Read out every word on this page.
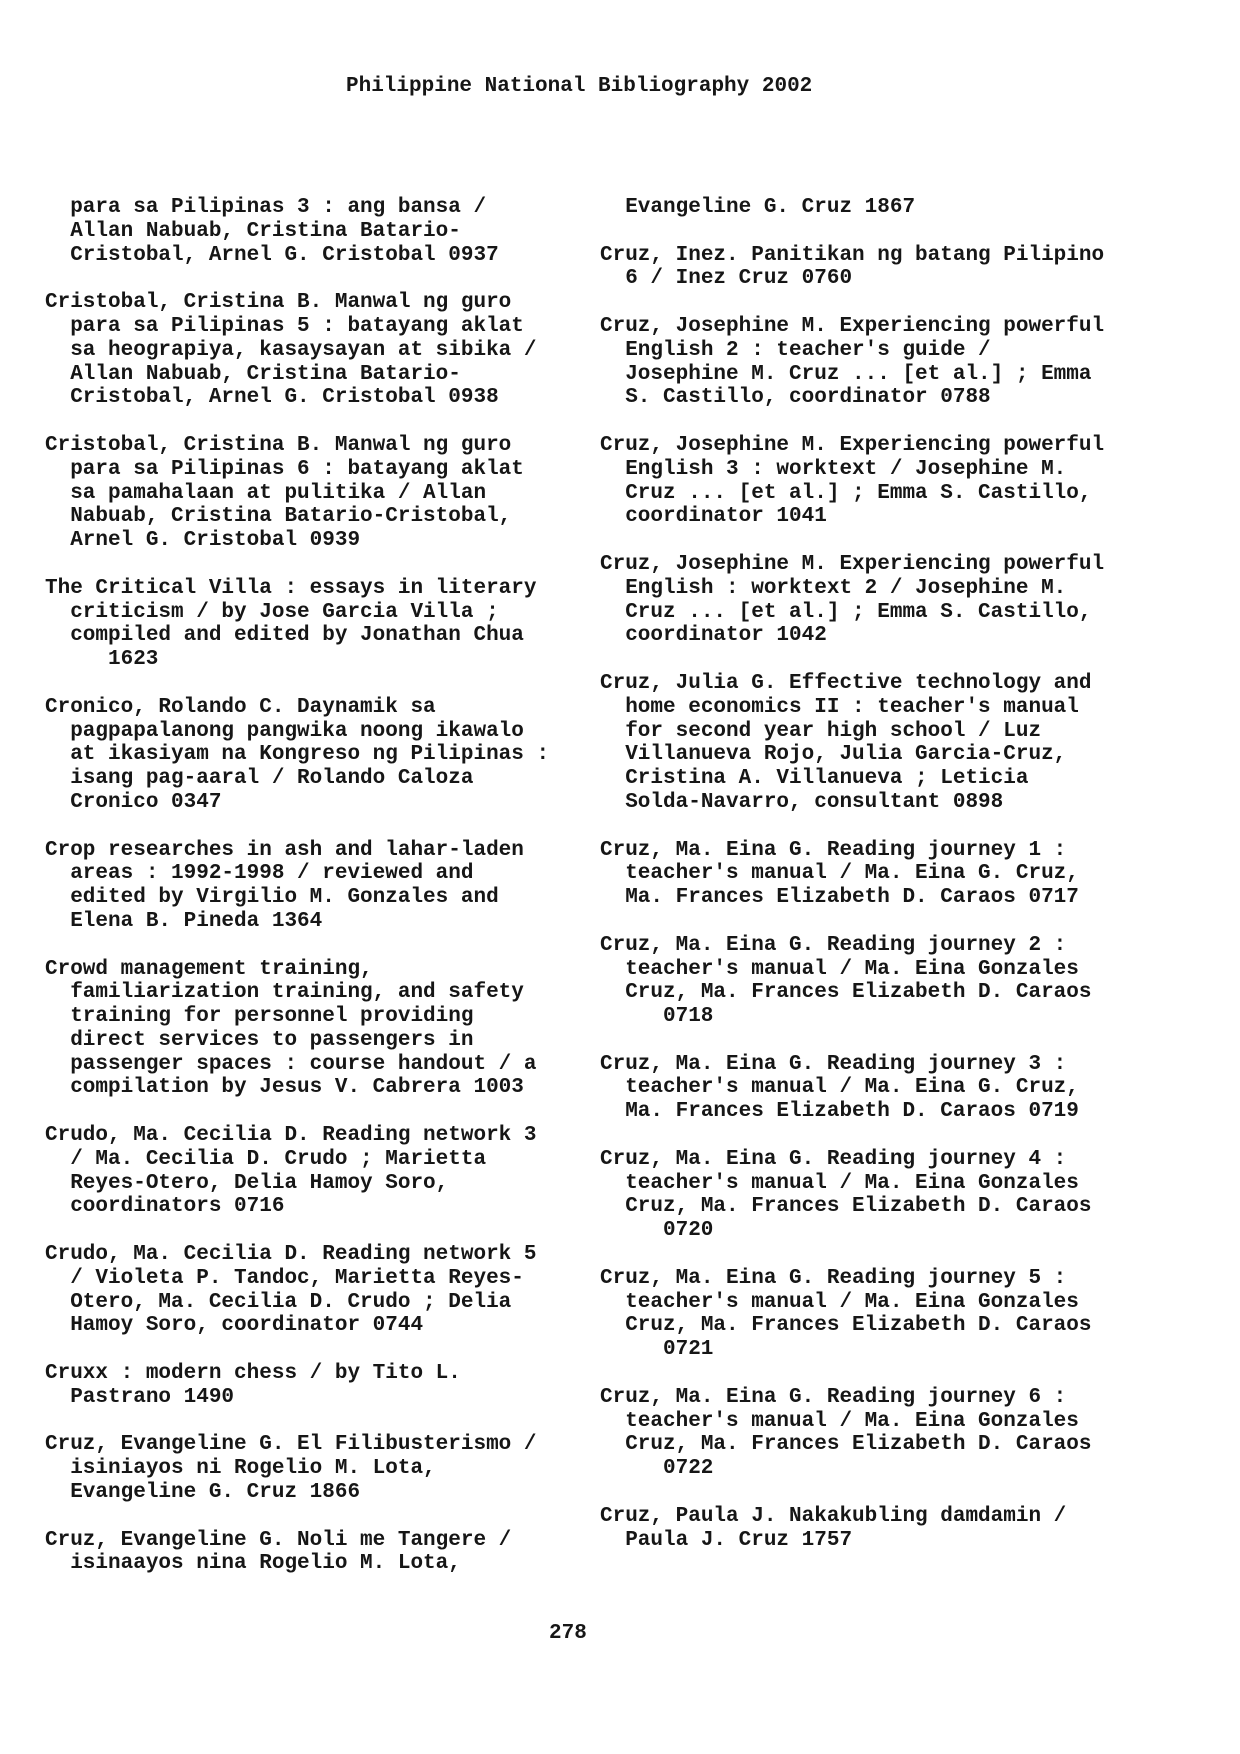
Philippine National Bibliography 2002
para sa Pilipinas 3 : ang bansa /
Allan Nabuab, Cristina Batario-
Cristobal, Arnel G. Cristobal 0937
Cristobal, Cristina B. Manwal ng guro
para sa Pilipinas 5 : batayang aklat
sa heograpiya, kasaysayan at sibika /
Allan Nabuab, Cristina Batario-
Cristobal, Arnel G. Cristobal 0938
Cristobal, Cristina B. Manwal ng guro
para sa Pilipinas 6 : batayang aklat
sa pamahalaan at pulitika / Allan
Nabuab, Cristina Batario-Cristobal,
Arnel G. Cristobal 0939
The Critical Villa : essays in literary
criticism / by Jose Garcia Villa ;
compiled and edited by Jonathan Chua
1623
Cronico, Rolando C. Daynamik sa
pagpapalanong pangwika noong ikawalo
at ikasiyam na Kongreso ng Pilipinas :
isang pag-aaral / Rolando Caloza
Cronico 0347
Crop researches in ash and lahar-laden
areas : 1992-1998 / reviewed and
edited by Virgilio M. Gonzales and
Elena B. Pineda 1364
Crowd management training,
familiarization training, and safety
training for personnel providing
direct services to passengers in
passenger spaces : course handout / a
compilation by Jesus V. Cabrera 1003
Crudo, Ma. Cecilia D. Reading network 3
/ Ma. Cecilia D. Crudo ; Marietta
Reyes-Otero, Delia Hamoy Soro,
coordinators 0716
Crudo, Ma. Cecilia D. Reading network 5
/ Violeta P. Tandoc, Marietta Reyes-
Otero, Ma. Cecilia D. Crudo ; Delia
Hamoy Soro, coordinator 0744
Cruxx : modern chess / by Tito L.
Pastrano 1490
Cruz, Evangeline G. El Filibusterismo /
isiniayos ni Rogelio M. Lota,
Evangeline G. Cruz 1866
Cruz, Evangeline G. Noli me Tangere /
isinaayos nina Rogelio M. Lota,
Evangeline G. Cruz 1867
Cruz, Inez. Panitikan ng batang Pilipino
6 / Inez Cruz 0760
Cruz, Josephine M. Experiencing powerful
English 2 : teacher's guide /
Josephine M. Cruz ... [et al.] ; Emma
S. Castillo, coordinator 0788
Cruz, Josephine M. Experiencing powerful
English 3 : worktext / Josephine M.
Cruz ... [et al.] ; Emma S. Castillo,
coordinator 1041
Cruz, Josephine M. Experiencing powerful
English : worktext 2 / Josephine M.
Cruz ... [et al.] ; Emma S. Castillo,
coordinator 1042
Cruz, Julia G. Effective technology and
home economics II : teacher's manual
for second year high school / Luz
Villanueva Rojo, Julia Garcia-Cruz,
Cristina A. Villanueva ; Leticia
Solda-Navarro, consultant 0898
Cruz, Ma. Eina G. Reading journey 1 :
teacher's manual / Ma. Eina G. Cruz,
Ma. Frances Elizabeth D. Caraos 0717
Cruz, Ma. Eina G. Reading journey 2 :
teacher's manual / Ma. Eina Gonzales
Cruz, Ma. Frances Elizabeth D. Caraos
0718
Cruz, Ma. Eina G. Reading journey 3 :
teacher's manual / Ma. Eina G. Cruz,
Ma. Frances Elizabeth D. Caraos 0719
Cruz, Ma. Eina G. Reading journey 4 :
teacher's manual / Ma. Eina Gonzales
Cruz, Ma. Frances Elizabeth D. Caraos
0720
Cruz, Ma. Eina G. Reading journey 5 :
teacher's manual / Ma. Eina Gonzales
Cruz, Ma. Frances Elizabeth D. Caraos
0721
Cruz, Ma. Eina G. Reading journey 6 :
teacher's manual / Ma. Eina Gonzales
Cruz, Ma. Frances Elizabeth D. Caraos
0722
Cruz, Paula J. Nakakubling damdamin /
Paula J. Cruz 1757
278
